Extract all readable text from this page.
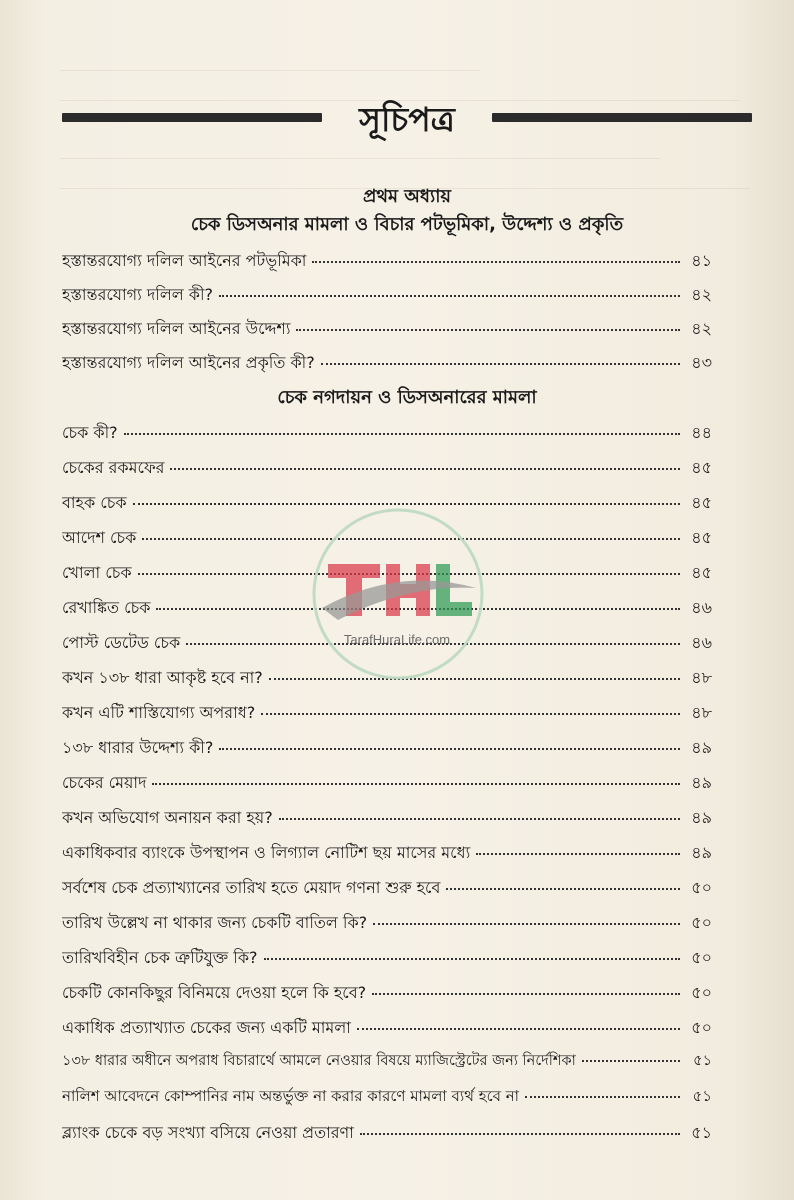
সূচিপত্র
প্রথম অধ্যায়
চেক ডিসঅনার মামলা ও বিচার পটভূমিকা, উদ্দেশ্য ও প্রকৃতি
হস্তান্তরযোগ্য দলিল আইনের পটভূমিকা	৪১
হস্তান্তরযোগ্য দলিল কী?	৪২
হস্তান্তরযোগ্য দলিল আইনের উদ্দেশ্য	৪২
হস্তান্তরযোগ্য দলিল আইনের প্রকৃতি কী?	৪৩
চেক নগদায়ন ও ডিসঅনারের মামলা
চেক কী?	৪৪
চেকের রকমফের	৪৫
বাহক চেক	৪৫
আদেশ চেক	৪৫
খোলা চেক	৪৫
রেখাঙ্কিত চেক	৪৬
পোস্ট ডেটেড চেক	৪৬
কখন ১৩৮ ধারা আকৃষ্ট হবে না?	৪৮
কখন এটি শাস্তিযোগ্য অপরাধ?	৪৮
১৩৮ ধারার উদ্দেশ্য কী?	৪৯
চেকের মেয়াদ	৪৯
কখন অভিযোগ অনায়ন করা হয়?	৪৯
একাধিকবার ব্যাংকে উপস্থাপন ও লিগ্যাল নোটিশ ছয় মাসের মধ্যে	৪৯
সর্বশেষ চেক প্রত্যাখ্যানের তারিখ হতে মেয়াদ গণনা শুরু হবে	৫০
তারিখ উল্লেখ না থাকার জন্য চেকটি বাতিল কি?	৫০
তারিখবিহীন চেক ত্রুটিযুক্ত কি?	৫০
চেকটি কোনকিছুর বিনিময়ে দেওয়া হলে কি হবে?	৫০
একাধিক প্রত্যাখ্যাত চেকের জন্য একটি মামলা	৫০
১৩৮ ধারার অধীনে অপরাধ বিচারার্থে আমলে নেওয়ার বিষয়ে ম্যাজিস্ট্রেটের জন্য নির্দেশিকা	৫১
নালিশ আবেদনে কোম্পানির নাম অন্তর্ভুক্ত না করার কারণে মামলা ব্যর্থ হবে না	৫১
ব্ল্যাংক চেকে বড় সংখ্যা বসিয়ে নেওয়া প্রতারণা	৫১
TarafHuraLife.com
